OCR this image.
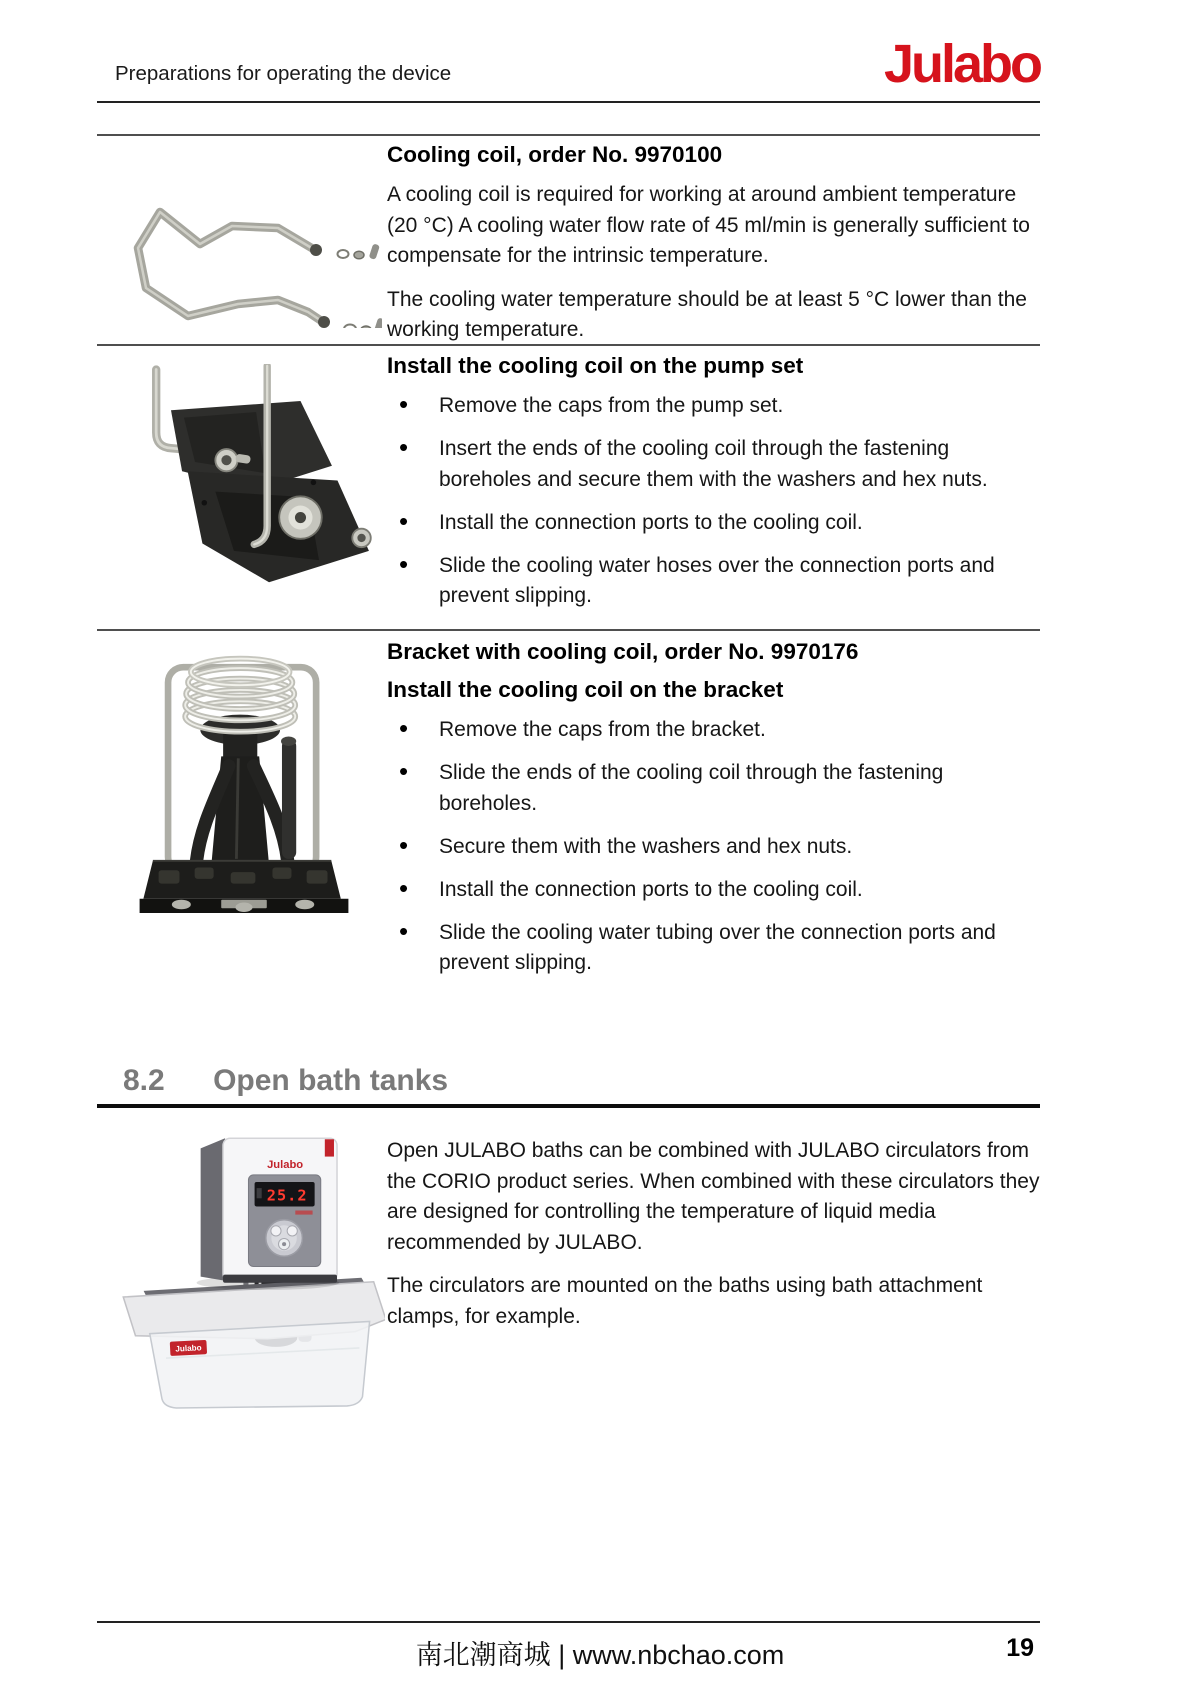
Preparations for operating the device	Julabo
Cooling coil, order No. 9970100

A cooling coil is required for working at around ambient temperature (20 °C) A cooling water flow rate of 45 ml/min is generally sufficient to compensate for the intrinsic temperature.

The cooling water temperature should be at least 5 °C lower than the working temperature.

Install the cooling coil on the pump set
• Remove the caps from the pump set.
• Insert the ends of the cooling coil through the fastening boreholes and secure them with the washers and hex nuts.
• Install the connection ports to the cooling coil.
• Slide the cooling water hoses over the connection ports and prevent slipping.
Bracket with cooling coil, order No. 9970176
Install the cooling coil on the bracket
• Remove the caps from the bracket.
• Slide the ends of the cooling coil through the fastening boreholes.
• Secure them with the washers and hex nuts.
• Install the connection ports to the cooling coil.
• Slide the cooling water tubing over the connection ports and prevent slipping.
8.2 Open bath tanks
Julabo
Julabo
25.2

Open JULABO baths can be combined with JULABO circulators from the CORIO product series. When combined with these circulators they are designed for controlling the temperature of liquid media recommended by JULABO.

The circulators are mounted on the baths using bath attachment clamps, for example.

南北潮商城 | www.nbchao.com	19
